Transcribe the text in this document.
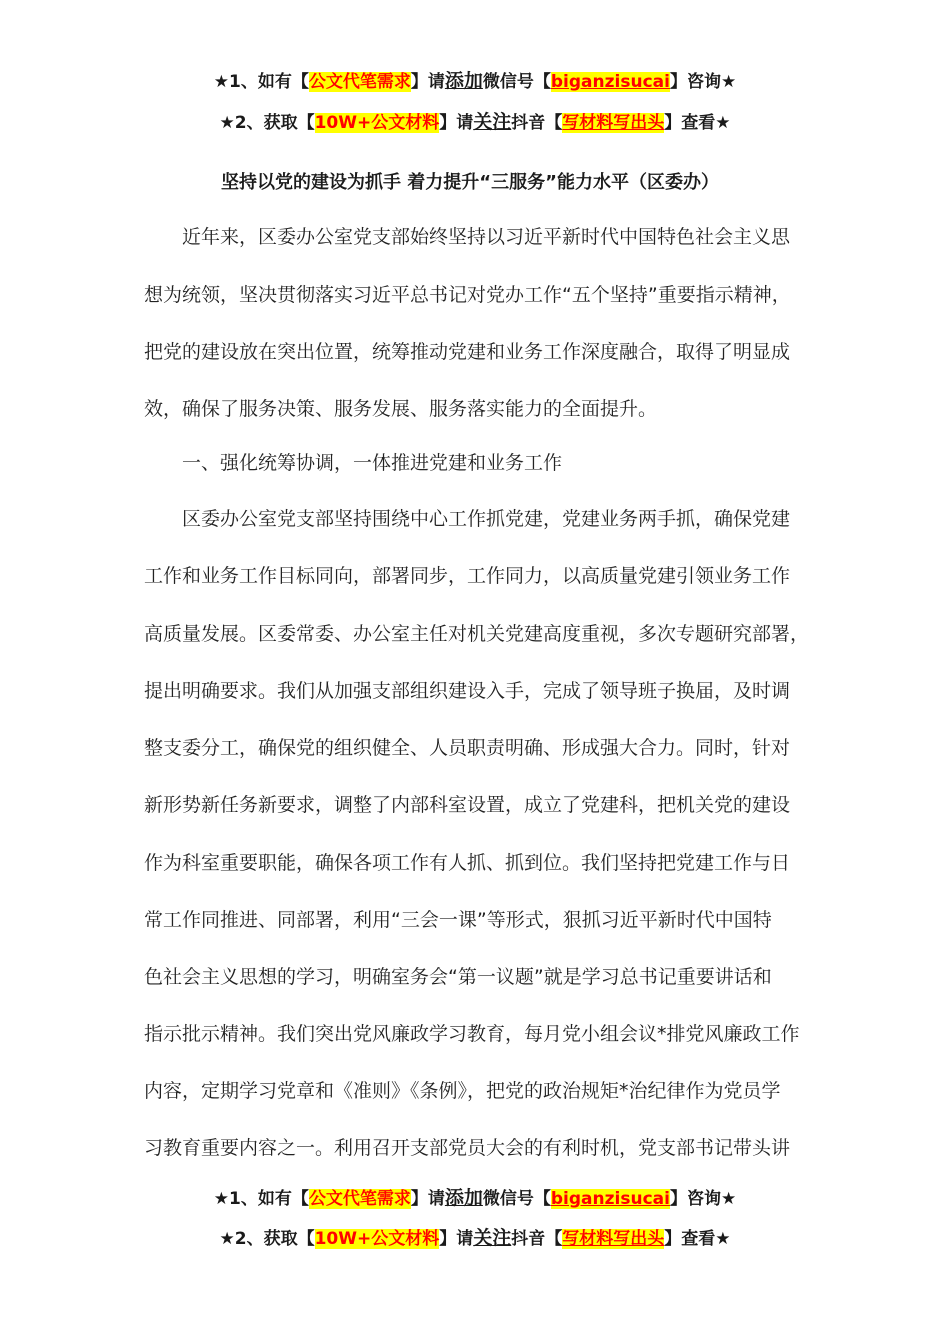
★1、如有【公文代笔需求】请添加微信号【biganzisucai】咨询★
★2、获取【10W+公文材料】请关注抖音【写材料写出头】查看★
坚持以党的建设为抓手 着力提升“三服务”能力水平（区委办）
近年来，区委办公室党支部始终坚持以习近平新时代中国特色社会主义思
想为统领，坚决贯彻落实习近平总书记对党办工作“五个坚持”重要指示精神，
把党的建设放在突出位置，统筹推动党建和业务工作深度融合，取得了明显成
效，确保了服务决策、服务发展、服务落实能力的全面提升。
一、强化统筹协调，一体推进党建和业务工作
区委办公室党支部坚持围绕中心工作抓党建，党建业务两手抓，确保党建
工作和业务工作目标同向，部署同步，工作同力，以高质量党建引领业务工作
高质量发展。区委常委、办公室主任对机关党建高度重视，多次专题研究部署，
提出明确要求。我们从加强支部组织建设入手，完成了领导班子换届，及时调
整支委分工，确保党的组织健全、人员职责明确、形成强大合力。同时，针对
新形势新任务新要求，调整了内部科室设置，成立了党建科，把机关党的建设
作为科室重要职能，确保各项工作有人抓、抓到位。我们坚持把党建工作与日
常工作同推进、同部署，利用“三会一课”等形式，狠抓习近平新时代中国特
色社会主义思想的学习，明确室务会“第一议题”就是学习总书记重要讲话和
指示批示精神。我们突出党风廉政学习教育，每月党小组会议*排党风廉政工作
内容，定期学习党章和《准则》《条例》，把党的政治规矩*治纪律作为党员学
习教育重要内容之一。利用召开支部党员大会的有利时机，党支部书记带头讲
★1、如有【公文代笔需求】请添加微信号【biganzisucai】咨询★
★2、获取【10W+公文材料】请关注抖音【写材料写出头】查看★
